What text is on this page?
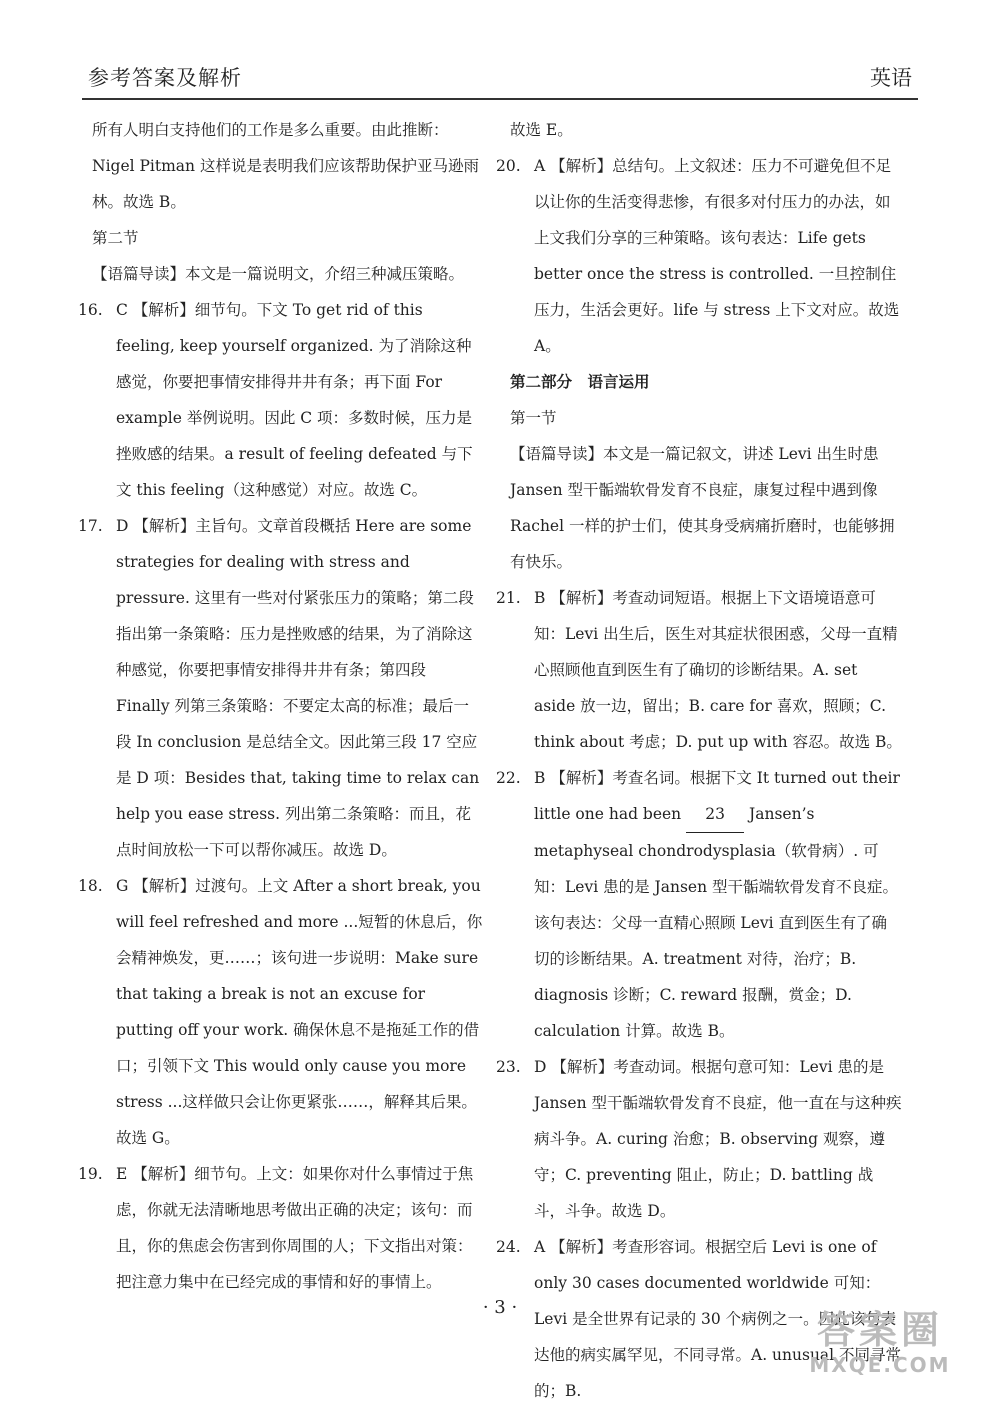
参考答案及解析	英语
所有人明白支持他们的工作是多么重要。由此推断：Nigel Pitman 这样说是表明我们应该帮助保护亚马逊雨林。故选 B。
第二节
【语篇导读】本文是一篇说明文，介绍三种减压策略。
16. C 【解析】细节句。下文 To get rid of this feeling, keep yourself organized. 为了消除这种感觉，你要把事情安排得井井有条；再下面 For example 举例说明。因此 C 项：多数时候，压力是挫败感的结果。a result of feeling defeated 与下文 this feeling（这种感觉）对应。故选 C。
17. D 【解析】主旨句。文章首段概括 Here are some strategies for dealing with stress and pressure. 这里有一些对付紧张压力的策略；第二段指出第一条策略：压力是挫败感的结果，为了消除这种感觉，你要把事情安排得井井有条；第四段 Finally 列第三条策略：不要定太高的标准；最后一段 In conclusion 是总结全文。因此第三段 17 空应是 D 项：Besides that, taking time to relax can help you ease stress. 列出第二条策略：而且，花点时间放松一下可以帮你减压。故选 D。
18. G 【解析】过渡句。上文 After a short break, you will feel refreshed and more ...短暂的休息后，你会精神焕发，更……；该句进一步说明：Make sure that taking a break is not an excuse for putting off your work. 确保休息不是拖延工作的借口；引领下文 This would only cause you more stress ...这样做只会让你更紧张……，解释其后果。故选 G。
19. E 【解析】细节句。上文：如果你对什么事情过于焦虑，你就无法清晰地思考做出正确的决定；该句：而且，你的焦虑会伤害到你周围的人；下文指出对策：把注意力集中在已经完成的事情和好的事情上。
故选 E。
20. A 【解析】总结句。上文叙述：压力不可避免但不足以让你的生活变得悲惨，有很多对付压力的办法，如上文我们分享的三种策略。该句表达：Life gets better once the stress is controlled. 一旦控制住压力，生活会更好。life 与 stress 上下文对应。故选 A。
第二部分　语言运用
第一节
【语篇导读】本文是一篇记叙文，讲述 Levi 出生时患 Jansen 型干骺端软骨发育不良症，康复过程中遇到像 Rachel 一样的护士们，使其身受病痛折磨时，也能够拥有快乐。
21. B 【解析】考查动词短语。根据上下文语境语意可知：Levi 出生后，医生对其症状很困惑，父母一直精心照顾他直到医生有了确切的诊断结果。A. set aside 放一边，留出；B. care for 喜欢，照顾；C. think about 考虑；D. put up with 容忍。故选 B。
22. B 【解析】考查名词。根据下文 It turned out their little one had been 23 Jansen’s metaphyseal chondrodysplasia（软骨病）. 可知：Levi 患的是 Jansen 型干骺端软骨发育不良症。该句表达：父母一直精心照顾 Levi 直到医生有了确切的诊断结果。A. treatment 对待，治疗；B. diagnosis 诊断；C. reward 报酬，赏金；D. calculation 计算。故选 B。
23. D 【解析】考查动词。根据句意可知：Levi 患的是 Jansen 型干骺端软骨发育不良症，他一直在与这种疾病斗争。A. curing 治愈；B. observing 观察，遵守；C. preventing 阻止，防止；D. battling 战斗，斗争。故选 D。
24. A 【解析】考查形容词。根据空后 Levi is one of only 30 cases documented worldwide 可知：Levi 是全世界有记录的 30 个病例之一。因此该句表达他的病实属罕见，不同寻常。A. unusual 不同寻常的；B.
· 3 ·
答案圈
MXQE.COM
